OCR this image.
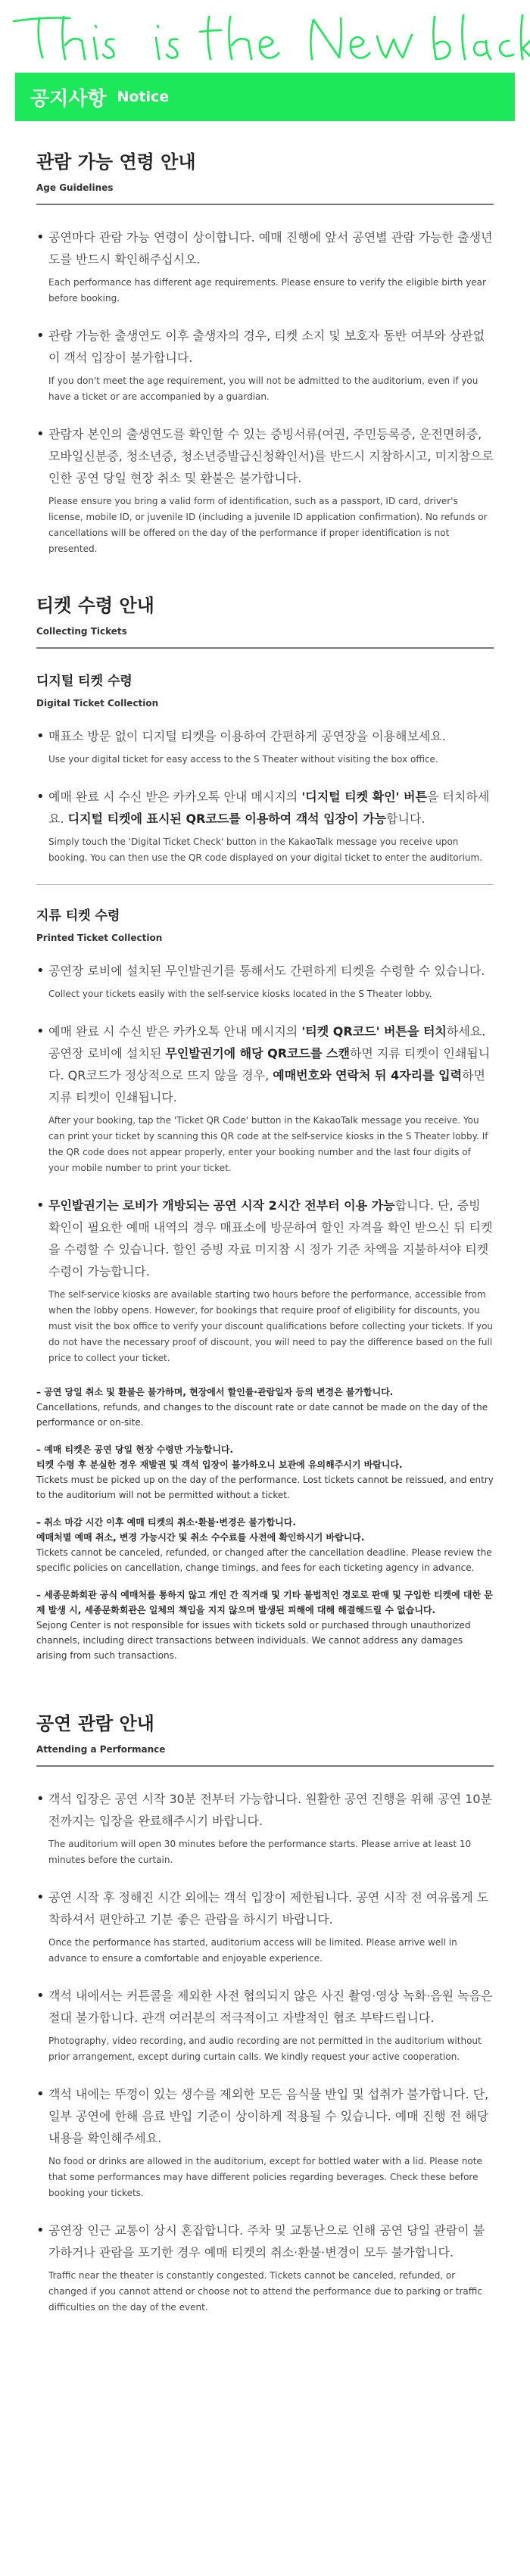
공지사항 Notice
관람 가능 연령 안내
Age Guidelines
• 공연마다 관람 가능 연령이 상이합니다. 예매 진행에 앞서 공연별 관람 가능한 출생년도를 반드시 확인해주십시오.
Each performance has different age requirements. Please ensure to verify the eligible birth year before booking.
• 관람 가능한 출생연도 이후 출생자의 경우, 티켓 소지 및 보호자 동반 여부와 상관없이 객석 입장이 불가합니다.
If you don't meet the age requirement, you will not be admitted to the auditorium, even if you have a ticket or are accompanied by a guardian.
• 관람자 본인의 출생연도를 확인할 수 있는 증빙서류(여권, 주민등록증, 운전면허증, 모바일신분증, 청소년증, 청소년증발급신청확인서)를 반드시 지참하시고, 미지참으로 인한 공연 당일 현장 취소 및 환불은 불가합니다.
Please ensure you bring a valid form of identification, such as a passport, ID card, driver's license, mobile ID, or juvenile ID (including a juvenile ID application confirmation). No refunds or cancellations will be offered on the day of the performance if proper identification is not presented.
티켓 수령 안내
Collecting Tickets
디지털 티켓 수령
Digital Ticket Collection
• 매표소 방문 없이 디지털 티켓을 이용하여 간편하게 공연장을 이용해보세요.
Use your digital ticket for easy access to the S Theater without visiting the box office.
• 예매 완료 시 수신 받은 카카오톡 안내 메시지의 '디지털 티켓 확인' 버튼을 터치하세요. 디지털 티켓에 표시된 QR코드를 이용하여 객석 입장이 가능합니다.
Simply touch the 'Digital Ticket Check' button in the KakaoTalk message you receive upon booking. You can then use the QR code displayed on your digital ticket to enter the auditorium.
지류 티켓 수령
Printed Ticket Collection
• 공연장 로비에 설치된 무인발권기를 통해서도 간편하게 티켓을 수령할 수 있습니다.
Collect your tickets easily with the self-service kiosks located in the S Theater lobby.
• 예매 완료 시 수신 받은 카카오톡 안내 메시지의 '티켓 QR코드' 버튼을 터치하세요. 공연장 로비에 설치된 무인발권기에 해당 QR코드를 스캔하면 지류 티켓이 인쇄됩니다. QR코드가 정상적으로 뜨지 않을 경우, 예매번호와 연락처 뒤 4자리를 입력하면 지류 티켓이 인쇄됩니다.
After your booking, tap the 'Ticket QR Code' button in the KakaoTalk message you receive. You can print your ticket by scanning this QR code at the self-service kiosks in the S Theater lobby. If the QR code does not appear properly, enter your booking number and the last four digits of your mobile number to print your ticket.
• 무인발권기는 로비가 개방되는 공연 시작 2시간 전부터 이용 가능합니다. 단, 증빙 확인이 필요한 예매 내역의 경우 매표소에 방문하여 할인 자격을 확인 받으신 뒤 티켓을 수령할 수 있습니다. 할인 증빙 자료 미지참 시 정가 기준 차액을 지불하셔야 티켓 수령이 가능합니다.
The self-service kiosks are available starting two hours before the performance, accessible from when the lobby opens. However, for bookings that require proof of eligibility for discounts, you must visit the box office to verify your discount qualifications before collecting your tickets. If you do not have the necessary proof of discount, you will need to pay the difference based on the full price to collect your ticket.
– 공연 당일 취소 및 환불은 불가하며, 현장에서 할인률·관람일자 등의 변경은 불가합니다.
Cancellations, refunds, and changes to the discount rate or date cannot be made on the day of the performance or on-site.
– 예매 티켓은 공연 당일 현장 수령만 가능합니다.
티켓 수령 후 분실한 경우 재발권 및 객석 입장이 불가하오니 보관에 유의해주시기 바랍니다.
Tickets must be picked up on the day of the performance. Lost tickets cannot be reissued, and entry to the auditorium will not be permitted without a ticket.
– 취소 마감 시간 이후 예매 티켓의 취소·환불·변경은 불가합니다.
예매처별 예매 취소, 변경 가능시간 및 취소 수수료를 사전에 확인하시기 바랍니다.
Tickets cannot be canceled, refunded, or changed after the cancellation deadline. Please review the specific policies on cancellation, change timings, and fees for each ticketing agency in advance.
– 세종문화회관 공식 예매처를 통하지 않고 개인 간 직거래 및 기타 불법적인 경로로 판매 및 구입한 티켓에 대한 문제 발생 시, 세종문화회관은 일체의 책임을 지지 않으며 발생된 피해에 대해 해결해드릴 수 없습니다.
Sejong Center is not responsible for issues with tickets sold or purchased through unauthorized channels, including direct transactions between individuals. We cannot address any damages arising from such transactions.
공연 관람 안내
Attending a Performance
• 객석 입장은 공연 시작 30분 전부터 가능합니다. 원활한 공연 진행을 위해 공연 10분 전까지는 입장을 완료해주시기 바랍니다.
The auditorium will open 30 minutes before the performance starts. Please arrive at least 10 minutes before the curtain.
• 공연 시작 후 정해진 시간 외에는 객석 입장이 제한됩니다. 공연 시작 전 여유롭게 도착하셔서 편안하고 기분 좋은 관람을 하시기 바랍니다.
Once the performance has started, auditorium access will be limited. Please arrive well in advance to ensure a comfortable and enjoyable experience.
• 객석 내에서는 커튼콜을 제외한 사전 협의되지 않은 사진 촬영·영상 녹화·음원 녹음은 절대 불가합니다. 관객 여러분의 적극적이고 자발적인 협조 부탁드립니다.
Photography, video recording, and audio recording are not permitted in the auditorium without prior arrangement, except during curtain calls. We kindly request your active cooperation.
• 객석 내에는 뚜껑이 있는 생수를 제외한 모든 음식물 반입 및 섭취가 불가합니다. 단, 일부 공연에 한해 음료 반입 기준이 상이하게 적용될 수 있습니다. 예매 진행 전 해당 내용을 확인해주세요.
No food or drinks are allowed in the auditorium, except for bottled water with a lid. Please note that some performances may have different policies regarding beverages. Check these before booking your tickets.
• 공연장 인근 교통이 상시 혼잡합니다. 주차 및 교통난으로 인해 공연 당일 관람이 불가하거나 관람을 포기한 경우 예매 티켓의 취소·환불·변경이 모두 불가합니다.
Traffic near the theater is constantly congested. Tickets cannot be canceled, refunded, or changed if you cannot attend or choose not to attend the performance due to parking or traffic difficulties on the day of the event.
